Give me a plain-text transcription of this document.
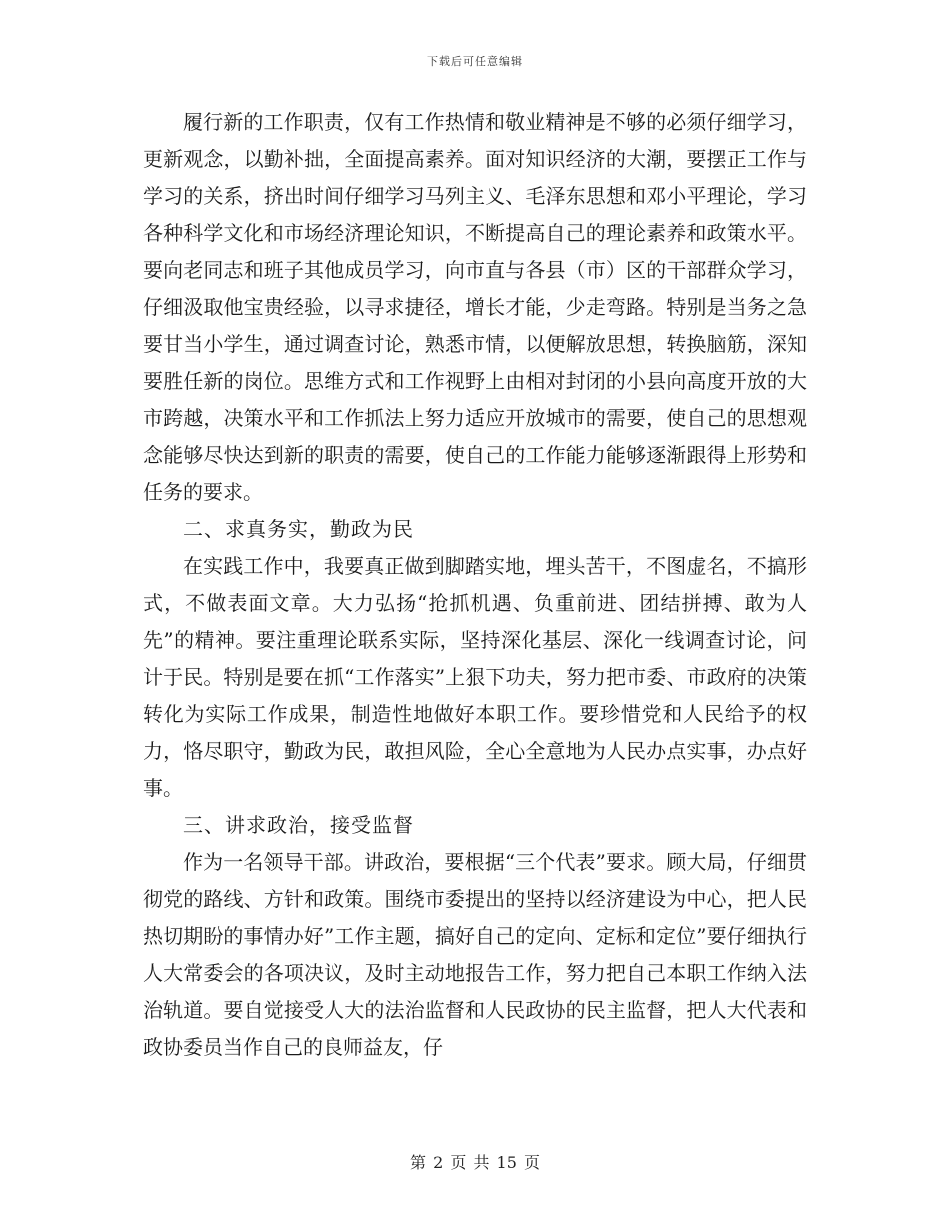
下载后可任意编辑

履行新的工作职责，仅有工作热情和敬业精神是不够的必须仔细学习，更新观念，以勤补拙，全面提高素养。面对知识经济的大潮，要摆正工作与学习的关系，挤出时间仔细学习马列主义、毛泽东思想和邓小平理论，学习各种科学文化和市场经济理论知识，不断提高自己的理论素养和政策水平。要向老同志和班子其他成员学习，向市直与各县（市）区的干部群众学习，仔细汲取他宝贵经验，以寻求捷径，增长才能，少走弯路。特别是当务之急要甘当小学生，通过调查讨论，熟悉市情，以便解放思想，转换脑筋，深知要胜任新的岗位。思维方式和工作视野上由相对封闭的小县向高度开放的大市跨越，决策水平和工作抓法上努力适应开放城市的需要，使自己的思想观念能够尽快达到新的职责的需要，使自己的工作能力能够逐渐跟得上形势和任务的要求。

二、求真务实，勤政为民

在实践工作中，我要真正做到脚踏实地，埋头苦干，不图虚名，不搞形式，不做表面文章。大力弘扬“抢抓机遇、负重前进、团结拼搏、敢为人先”的精神。要注重理论联系实际，坚持深化基层、深化一线调查讨论，问计于民。特别是要在抓“工作落实”上狠下功夫，努力把市委、市政府的决策转化为实际工作成果，制造性地做好本职工作。要珍惜党和人民给予的权力，恪尽职守，勤政为民，敢担风险，全心全意地为人民办点实事，办点好事。

三、讲求政治，接受监督

作为一名领导干部。讲政治，要根据“三个代表”要求。顾大局，仔细贯彻党的路线、方针和政策。围绕市委提出的坚持以经济建设为中心，把人民热切期盼的事情办好”工作主题，搞好自己的定向、定标和定位”要仔细执行人大常委会的各项决议，及时主动地报告工作，努力把自己本职工作纳入法治轨道。要自觉接受人大的法治监督和人民政协的民主监督，把人大代表和政协委员当作自己的良师益友，仔

第 2 页 共 15 页
